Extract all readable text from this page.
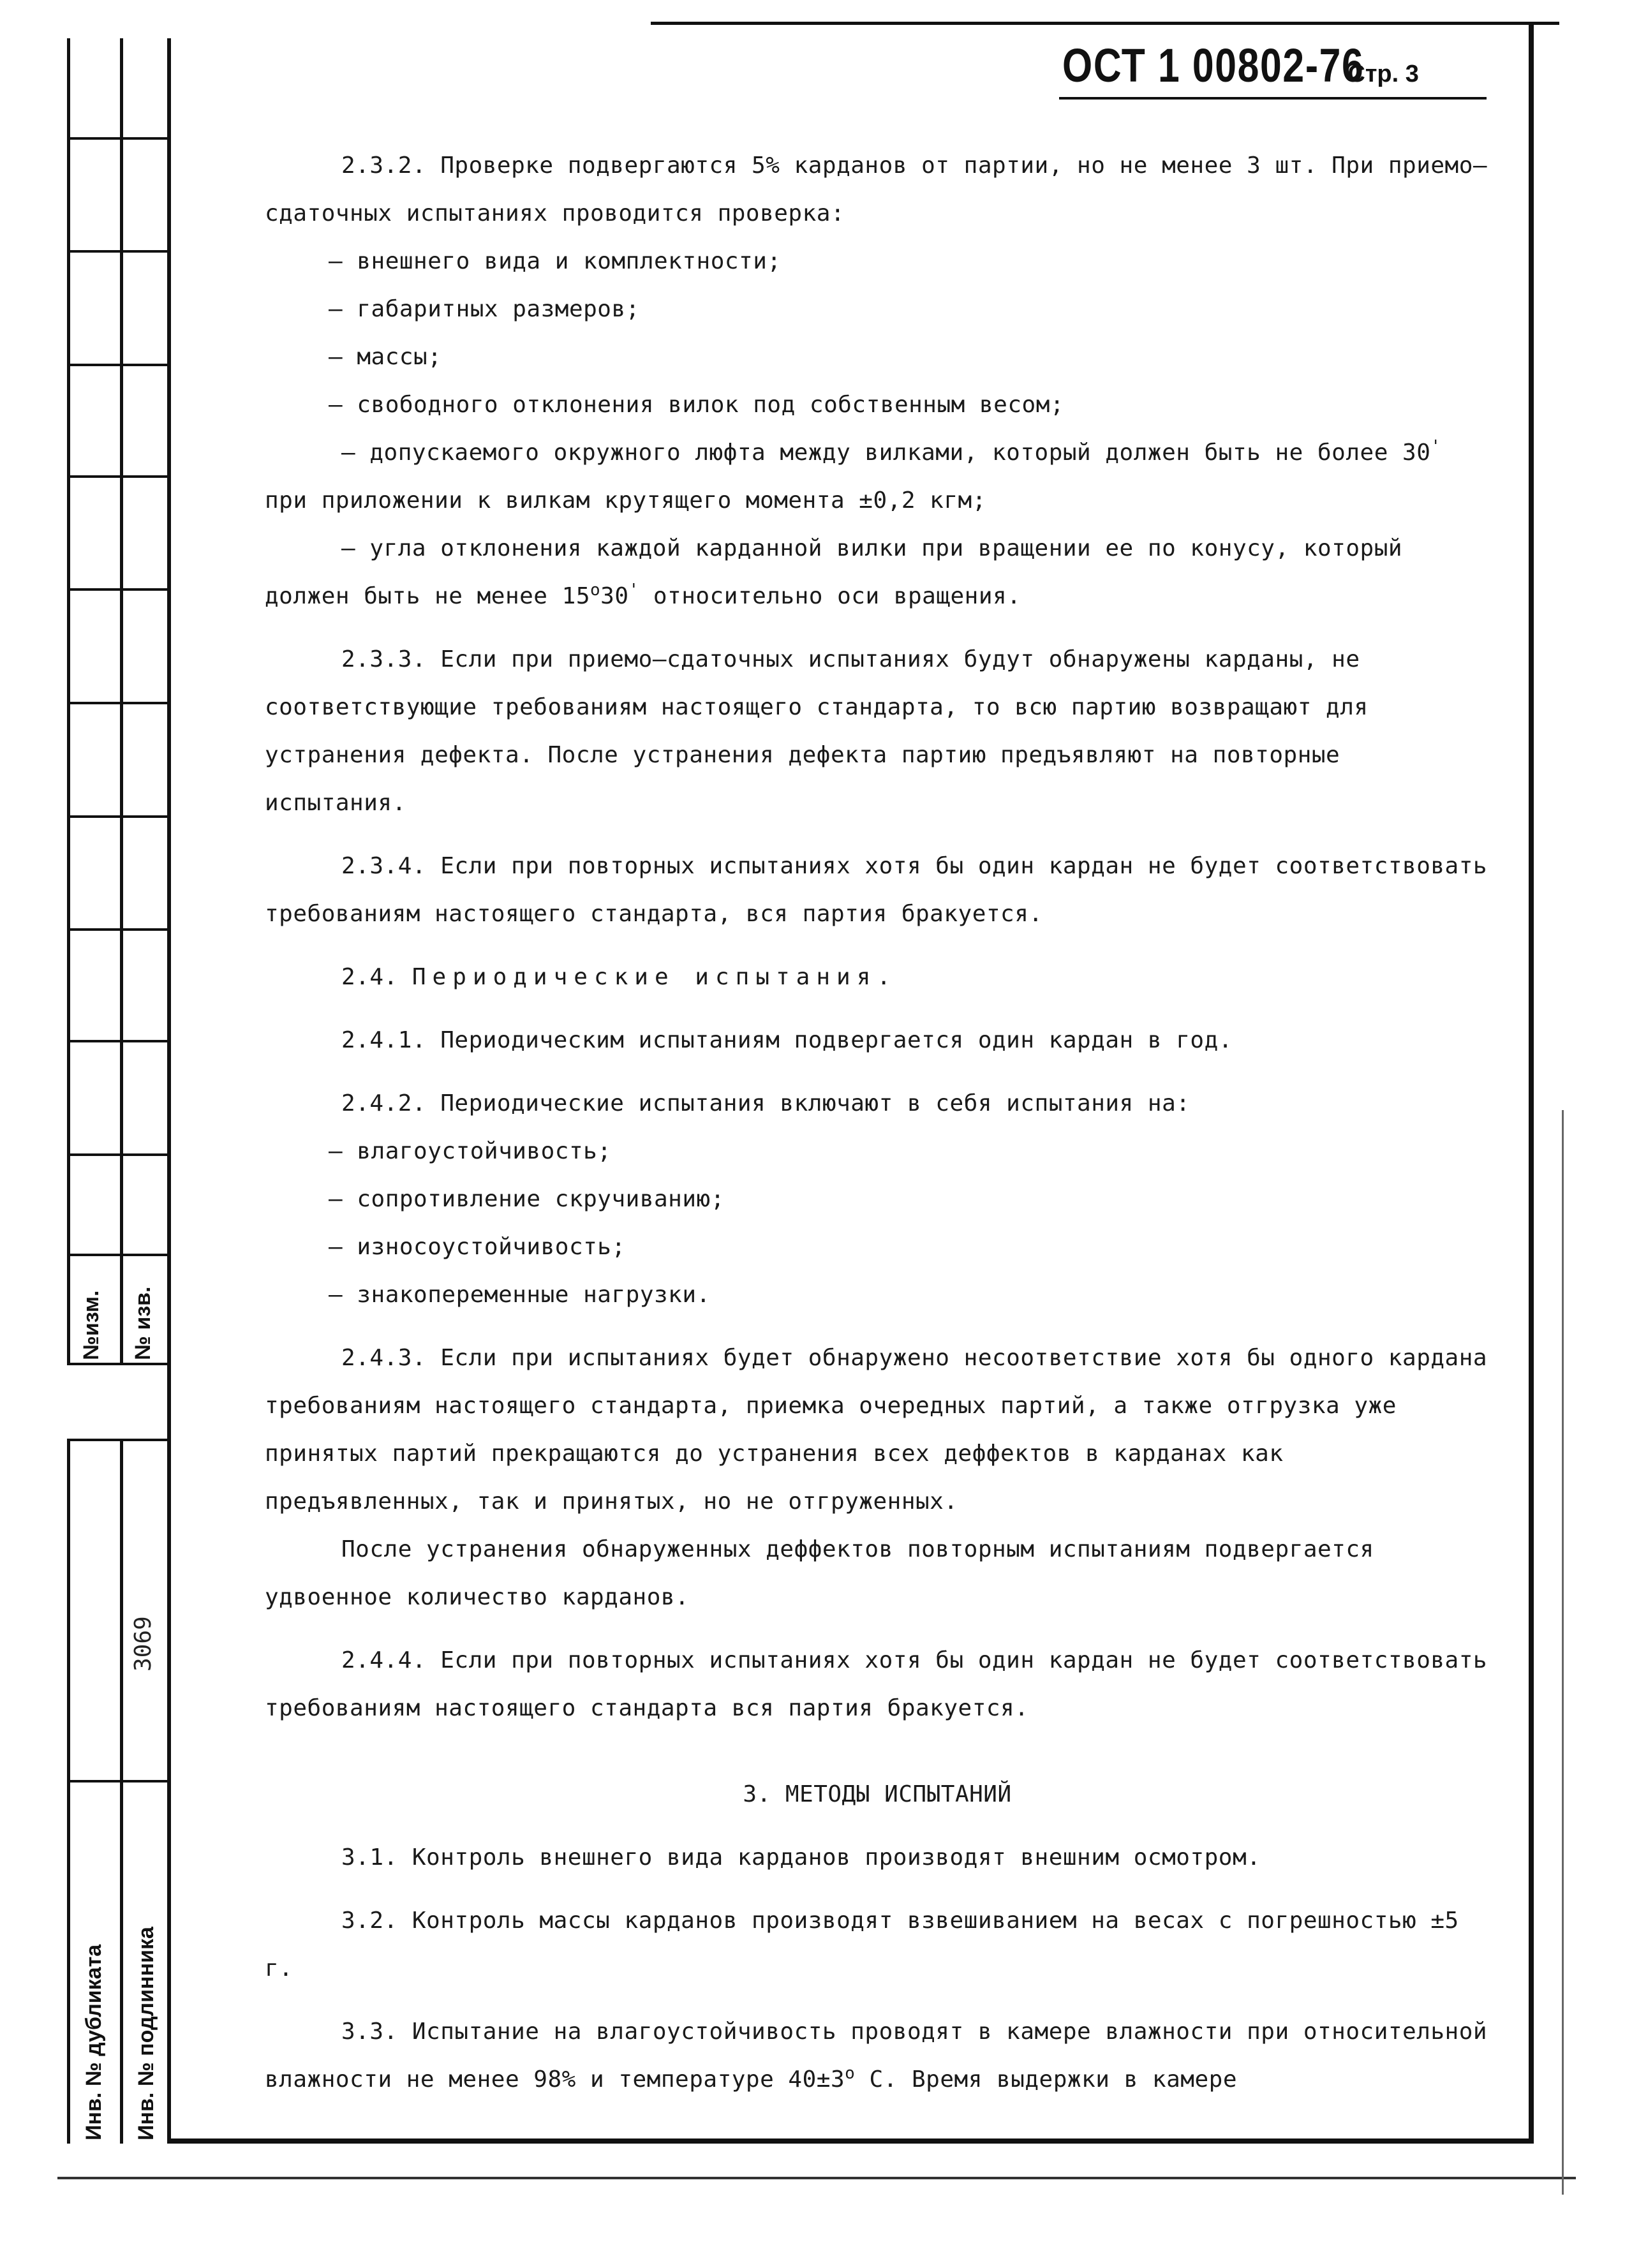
№изм. № изв.
3069
Инв. № дубликата Инв. № подлинника
ОСТ 1 00802-76Стр. 3

2.3.2. Проверке подвергаются 5% карданов от партии, но не менее 3 шт. При приемо–сдаточных испытаниях проводится проверка:

– внешнего вида и комплектности;

– габаритных размеров;

– массы;

– свободного отклонения вилок под собственным весом;

– допускаемого окружного люфта между вилками, который должен быть не более 30' при приложении к вилкам крутящего момента ±0,2 кгм;

– угла отклонения каждой карданной вилки при вращении ее по конусу, который должен быть не менее $15^о30'$ относительно оси вращения.

2.3.3. Если при приемо–сдаточных испытаниях будут обнаружены карданы, не соответствующие требованиям настоящего стандарта, то всю партию возвращают для устранения дефекта. После устранения дефекта партию предъявляют на повторные испытания.

2.3.4. Если при повторных испытаниях хотя бы один кардан не будет соответствовать требованиям настоящего стандарта, вся партия бракуется.

2.4. Периодические испытания.

2.4.1. Периодическим испытаниям подвергается один кардан в год.

2.4.2. Периодические испытания включают в себя испытания на:

– влагоустойчивость;

– сопротивление скручиванию;

– износоустойчивость;

– знакопеременные нагрузки.

2.4.3. Если при испытаниях будет обнаружено несоответствие хотя бы одного кардана требованиям настоящего стандарта, приемка очередных партий, а также отгрузка уже принятых партий прекращаются до устранения всех деффектов в карданах как предъявленных, так и принятых, но не отгруженных.

После устранения обнаруженных деффектов повторным испытаниям подвергается удвоенное количество карданов.

2.4.4. Если при повторных испытаниях хотя бы один кардан не будет соответствовать требованиям настоящего стандарта вся партия бракуется.

3. МЕТОДЫ ИСПЫТАНИЙ

3.1. Контроль внешнего вида карданов производят внешним осмотром.

3.2. Контроль массы карданов производят взвешиванием на весах с погрешностью ±5 г.

3.3. Испытание на влагоустойчивость проводят в камере влажности при относительной влажности не менее 98% и температуре $40\pm 3^о$ С. Время выдержки в камере
